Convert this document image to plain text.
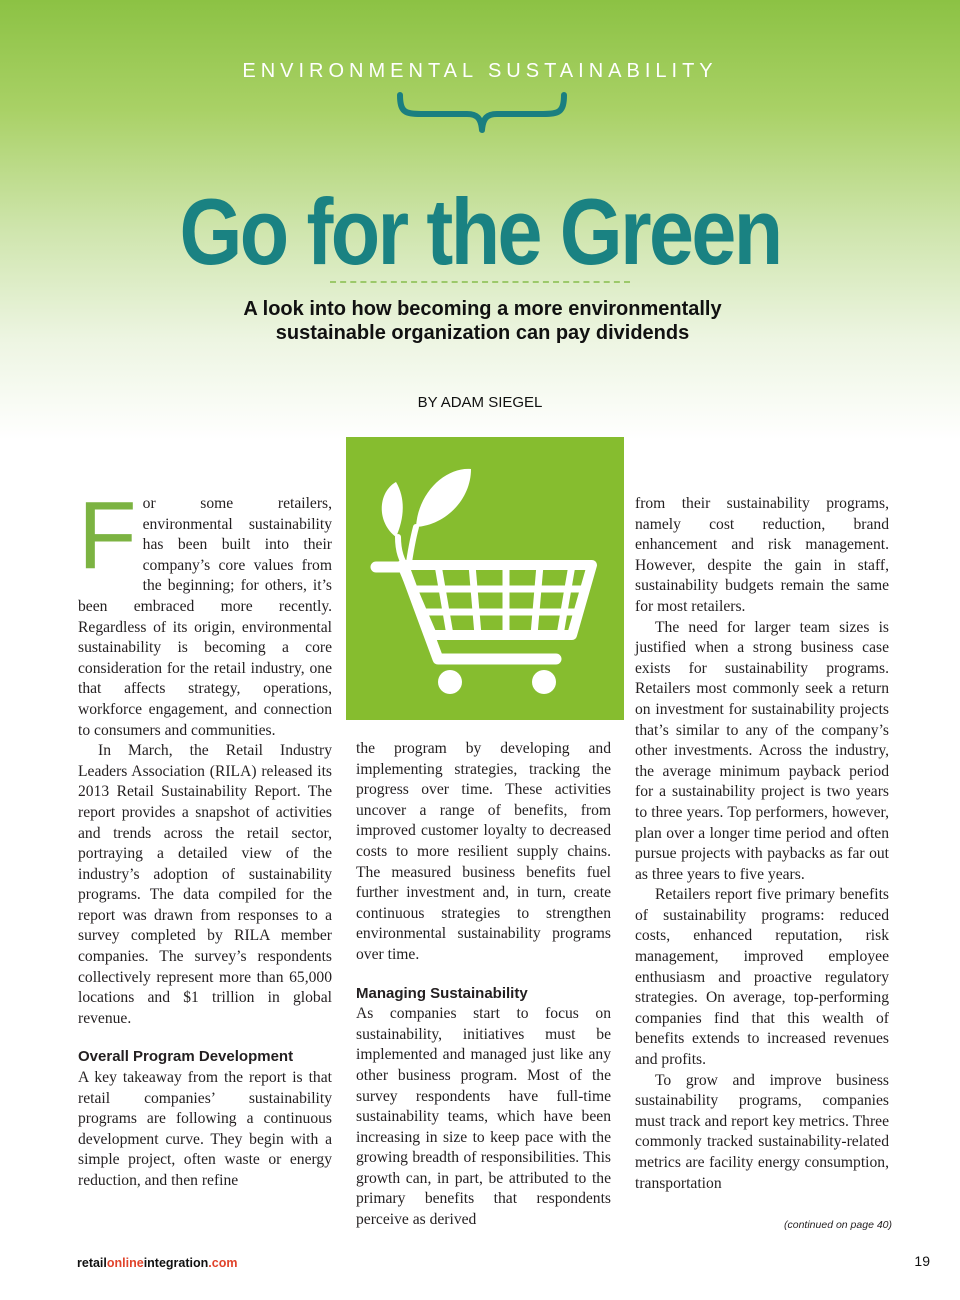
ENVIRONMENTAL SUSTAINABILITY
Go for the Green
A look into how becoming a more environmentally sustainable organization can pay dividends
BY ADAM SIEGEL
F or some retailers, environmental sustainability has been built into their company’s core values from the beginning; for others, it’s been embraced more recently. Regardless of its origin, environmental sustainability is becoming a core consideration for the retail industry, one that affects strategy, operations, workforce engagement, and connection to consumers and communities.

In March, the Retail Industry Leaders Association (RILA) released its 2013 Retail Sustainability Report. The report provides a snapshot of activities and trends across the retail sector, portraying a detailed view of the industry’s adoption of sustainability programs. The data compiled for the report was drawn from responses to a survey completed by RILA member companies. The survey’s respondents collectively represent more than 65,000 locations and $1 trillion in global revenue.

Overall Program Development

A key takeaway from the report is that retail companies’ sustainability programs are following a continuous development curve. They begin with a simple project, often waste or energy reduction, and then refine

the program by developing and implementing strategies, tracking the progress over time. These activities uncover a range of benefits, from improved customer loyalty to decreased costs to more resilient supply chains. The measured business benefits fuel further investment and, in turn, create continuous strategies to strengthen environmental sustainability programs over time.

Managing Sustainability

As companies start to focus on sustainability, initiatives must be implemented and managed just like any other business program. Most of the survey respondents have full-time sustainability teams, which have been increasing in size to keep pace with the growing breadth of responsibilities. This growth can, in part, be attributed to the primary benefits that respondents perceive as derived

from their sustainability programs, namely cost reduction, brand enhancement and risk management. However, despite the gain in staff, sustainability budgets remain the same for most retailers.

The need for larger team sizes is justified when a strong business case exists for sustainability programs. Retailers most commonly seek a return on investment for sustainability projects that’s similar to any of the company’s other investments. Across the industry, the average minimum payback period for a sustainability project is two years to three years. Top performers, however, plan over a longer time period and often pursue projects with paybacks as far out as three years to five years.

Retailers report five primary benefits of sustainability programs: reduced costs, enhanced reputation, risk management, improved employee enthusiasm and proactive regulatory strategies. On average, top-performing companies find that this wealth of benefits extends to increased revenues and profits.

To grow and improve business sustainability programs, companies must track and report key metrics. Three commonly tracked sustainability-related metrics are facility energy consumption, transportation

(continued on page 40)
retailonlineintegration.com	19
